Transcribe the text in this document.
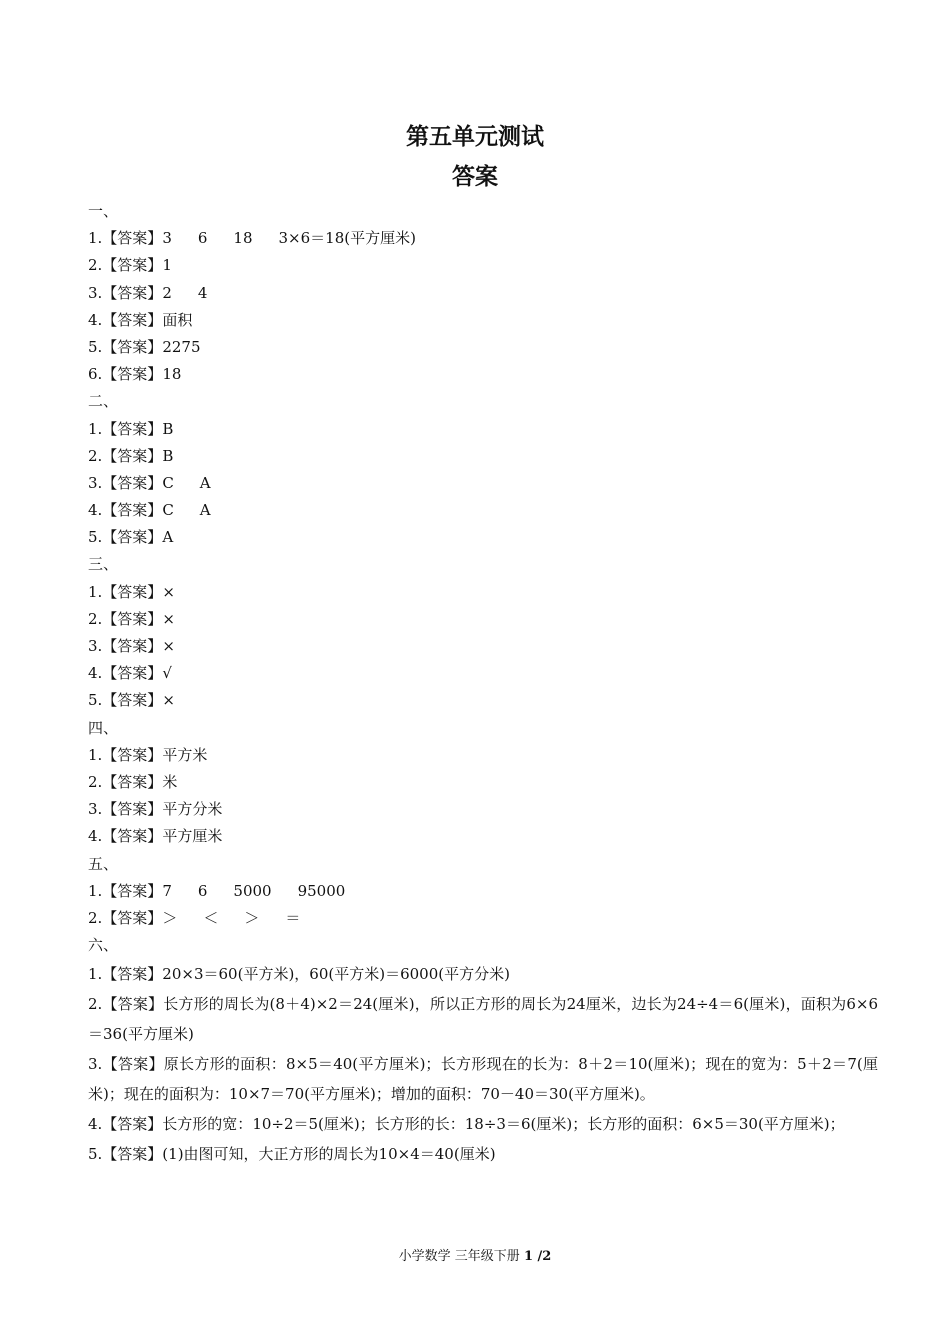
第五单元测试
答案
一、
1.【答案】3 6 18 3×6＝18(平方厘米)
2.【答案】1
3.【答案】2 4
4.【答案】面积
5.【答案】2275
6.【答案】18
二、
1.【答案】B
2.【答案】B
3.【答案】C A
4.【答案】C A
5.【答案】A
三、
1.【答案】×
2.【答案】×
3.【答案】×
4.【答案】√
5.【答案】×
四、
1.【答案】平方米
2.【答案】米
3.【答案】平方分米
4.【答案】平方厘米
五、
1.【答案】7 6 5000 95000
2.【答案】＞ ＜ ＞ ＝
六、
1.【答案】20×3＝60(平方米)，60(平方米)＝6000(平方分米)
2.【答案】长方形的周长为(8＋4)×2＝24(厘米)，所以正方形的周长为24厘米，边长为24÷4＝6(厘米)，面积为6×6＝36(平方厘米)
3.【答案】原长方形的面积：8×5＝40(平方厘米)；长方形现在的长为：8＋2＝10(厘米)；现在的宽为：5＋2＝7(厘米)；现在的面积为：10×7＝70(平方厘米)；增加的面积：70－40＝30(平方厘米)。
4.【答案】长方形的宽：10÷2＝5(厘米)；长方形的长：18÷3＝6(厘米)；长方形的面积：6×5＝30(平方厘米)；
5.【答案】(1)由图可知，大正方形的周长为10×4＝40(厘米)
小学数学 三年级下册 1 /2
